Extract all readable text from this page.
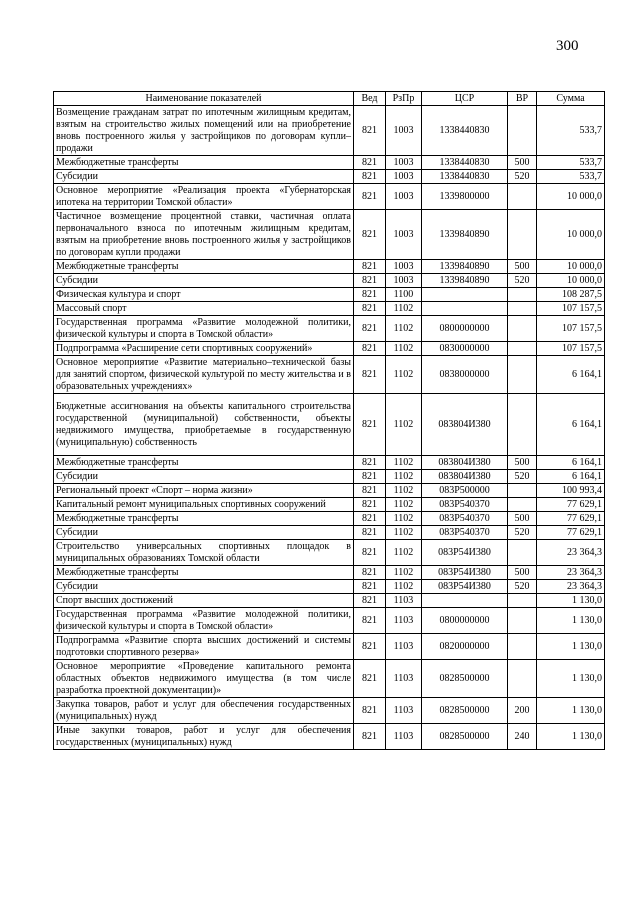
300
Наименование показателей	Вед	РзПр	ЦСР	ВР	Сумма
Возмещение гражданам затрат по ипотечным жилищным кредитам, взятым на строительство жилых помещений или на приобретение вновь построенного жилья у застройщиков по договорам купли–продажи	821	1003	1338440830		533,7
Межбюджетные трансферты	821	1003	1338440830	500	533,7
Субсидии	821	1003	1338440830	520	533,7
Основное мероприятие «Реализация проекта «Губернаторская ипотека на территории Томской области»	821	1003	1339800000		10 000,0
Частичное возмещение процентной ставки, частичная оплата первоначального взноса по ипотечным жилищным кредитам, взятым на приобретение вновь построенного жилья у застройщиков по договорам купли продажи	821	1003	1339840890		10 000,0
Межбюджетные трансферты	821	1003	1339840890	500	10 000,0
Субсидии	821	1003	1339840890	520	10 000,0
Физическая культура и спорт	821	1100			108 287,5
Массовый спорт	821	1102			107 157,5
Государственная программа «Развитие молодежной политики, физической культуры и спорта в Томской области»	821	1102	0800000000		107 157,5
Подпрограмма «Расширение сети спортивных сооружений»	821	1102	0830000000		107 157,5
Основное мероприятие «Развитие материально–технической базы для занятий спортом, физической культурой по месту жительства и в образовательных учреждениях»	821	1102	0838000000		6 164,1
Бюджетные ассигнования на объекты капитального строительства государственной (муниципальной) собственности, объекты недвижимого имущества, приобретаемые в государственную (муниципальную) собственность	821	1102	083804И380		6 164,1
Межбюджетные трансферты	821	1102	083804И380	500	6 164,1
Субсидии	821	1102	083804И380	520	6 164,1
Региональный проект «Спорт – норма жизни»	821	1102	083P500000		100 993,4
Капитальный ремонт муниципальных спортивных сооружений	821	1102	083P540370		77 629,1
Межбюджетные трансферты	821	1102	083P540370	500	77 629,1
Субсидии	821	1102	083P540370	520	77 629,1
Строительство универсальных спортивных площадок в муниципальных образованиях Томской области	821	1102	083P54И380		23 364,3
Межбюджетные трансферты	821	1102	083P54И380	500	23 364,3
Субсидии	821	1102	083P54И380	520	23 364,3
Спорт высших достижений	821	1103			1 130,0
Государственная программа «Развитие молодежной политики, физической культуры и спорта в Томской области»	821	1103	0800000000		1 130,0
Подпрограмма «Развитие спорта высших достижений и системы подготовки спортивного резерва»	821	1103	0820000000		1 130,0
Основное мероприятие «Проведение капитального ремонта областных объектов недвижимого имущества (в том числе разработка проектной документации)»	821	1103	0828500000		1 130,0
Закупка товаров, работ и услуг для обеспечения государственных (муниципальных) нужд	821	1103	0828500000	200	1 130,0
Иные закупки товаров, работ и услуг для обеспечения государственных (муниципальных) нужд	821	1103	0828500000	240	1 130,0
